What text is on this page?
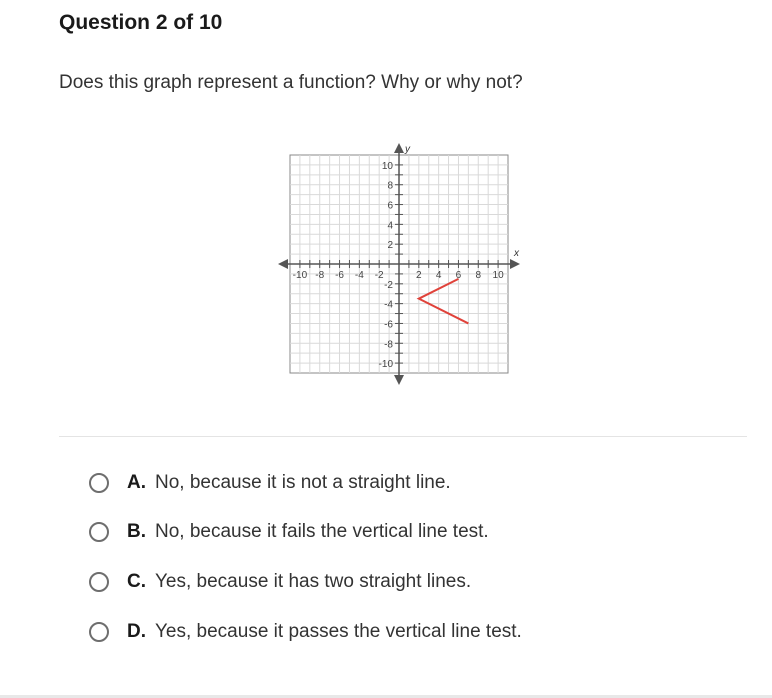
Question 2 of 10
Does this graph represent a function? Why or why not?
x
y
-10 -8 -6 -4 -2	2 4 6 8 10
10
8
6
4
2
-2
-4
-6
-8
-10
A. No, because it is not a straight line.
B. No, because it fails the vertical line test.
C. Yes, because it has two straight lines.
D. Yes, because it passes the vertical line test.
